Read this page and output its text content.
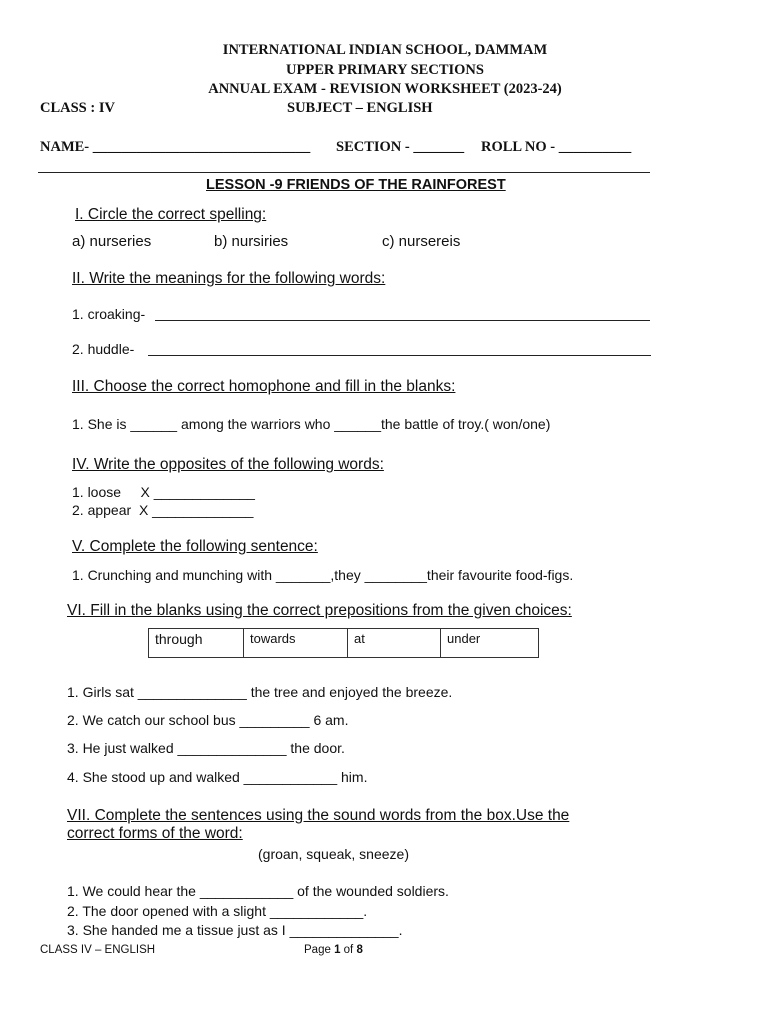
INTERNATIONAL INDIAN SCHOOL, DAMMAM
UPPER PRIMARY SECTIONS
ANNUAL EXAM - REVISION WORKSHEET (2023-24)
CLASS : IV	SUBJECT – ENGLISH
NAME- ______________________________ SECTION - _______ ROLL NO - __________
LESSON -9 FRIENDS OF THE RAINFOREST
I. Circle the correct spelling:
a) nurseries	b) nursiries	c) nursereis
II. Write the meanings for the following words:
1. croaking-
2. huddle-
III. Choose the correct homophone and fill in the blanks:
1. She is ______ among the warriors who ______the battle of troy.( won/one)
IV. Write the opposites of the following words:
1. loose     X _____________
2. appear  X _____________
V. Complete the following sentence:
1. Crunching and munching with _______,they ________their favourite food-figs.
VI. Fill in the blanks using the correct prepositions from the given choices:
through	towards	at	under
1. Girls sat ______________ the tree and enjoyed the breeze.
2. We catch our school bus _________ 6 am.
3. He just walked ______________ the door.
4. She stood up and walked ____________ him.
VII. Complete the sentences using the sound words from the box.Use the
correct forms of the word:
(groan, squeak, sneeze)
1. We could hear the ____________ of the wounded soldiers.
2. The door opened with a slight ____________.
3. She handed me a tissue just as I ______________.
CLASS IV – ENGLISH	Page 1 of 8
